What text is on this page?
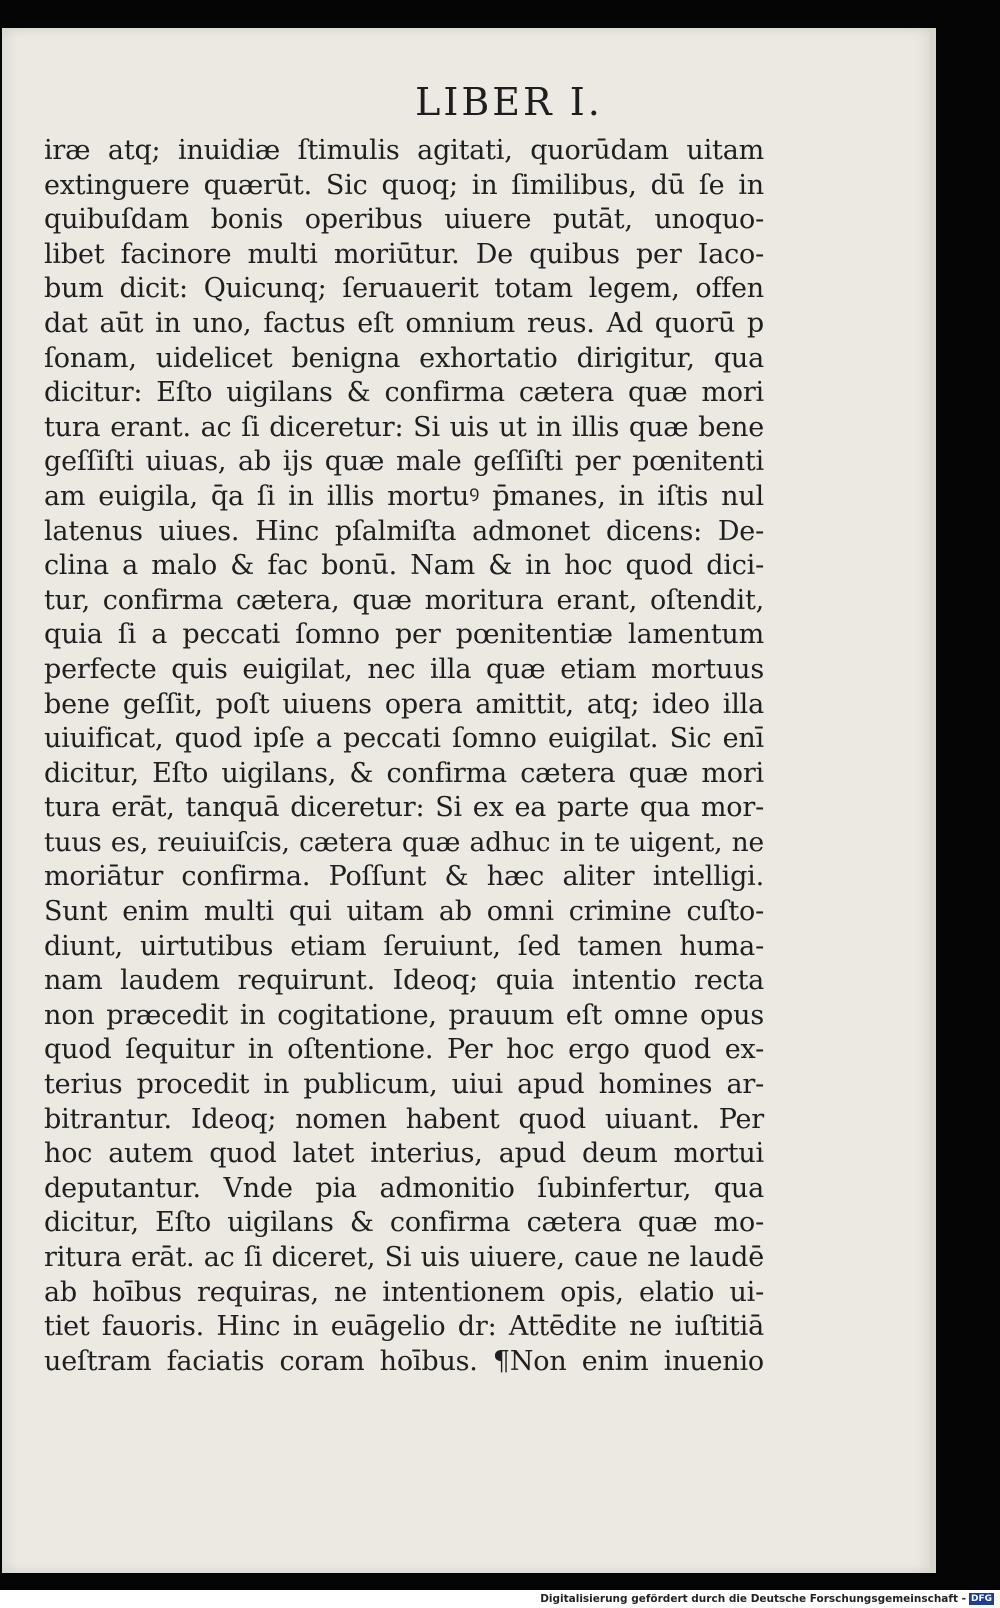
LIBER I.
iræ atq; inuidiæ ſtimulis agitati, quorūdam uitam
extinguere quærūt. Sic quoq; in ſimilibus, dū ſe in
quibuſdam bonis operibus uiuere putāt, unoquo-
libet facinore multi moriūtur. De quibus per Iaco-
bum dicit: Quicunq; ſeruauerit totam legem, offen
dat aūt in uno, factus eſt omnium reus. Ad quorū p
ſonam, uidelicet benigna exhortatio dirigitur, qua
dicitur: Eſto uigilans & confirma cætera quæ mori
tura erant. ac ſi diceretur: Si uis ut in illis quæ bene
geſſiſti uiuas, ab ijs quæ male geſſiſti per pœnitenti
am euigila, q̄a ſi in illis mortuꝰ p̄manes, in iſtis nul
latenus uiues. Hinc pſalmiſta admonet dicens: De-
clina a malo & fac bonū. Nam & in hoc quod dici-
tur, confirma cætera, quæ moritura erant, oſtendit,
quia ſi a peccati ſomno per pœnitentiæ lamentum
perfecte quis euigilat, nec illa quæ etiam mortuus
bene geſſit, poſt uiuens opera amittit, atq; ideo illa
uiuificat, quod ipſe a peccati ſomno euigilat. Sic enī
dicitur, Eſto uigilans, & confirma cætera quæ mori
tura erāt, tanquā diceretur: Si ex ea parte qua mor-
tuus es, reuiuiſcis, cætera quæ adhuc in te uigent, ne
moriātur confirma. Poſſunt & hæc aliter intelligi.
Sunt enim multi qui uitam ab omni crimine cuſto-
diunt, uirtutibus etiam ſeruiunt, ſed tamen huma-
nam laudem requirunt. Ideoq; quia intentio recta
non præcedit in cogitatione, prauum eſt omne opus
quod ſequitur in oſtentione. Per hoc ergo quod ex-
terius procedit in publicum, uiui apud homines ar-
bitrantur. Ideoq; nomen habent quod uiuant. Per
hoc autem quod latet interius, apud deum mortui
deputantur. Vnde pia admonitio ſubinfertur, qua
dicitur, Eſto uigilans & confirma cætera quæ mo-
ritura erāt. ac ſi diceret, Si uis uiuere, caue ne laudē
ab hoībus requiras, ne intentionem opis, elatio ui-
tiet fauoris. Hinc in euāgelio dr: Attēdite ne iuſtitiā
ueſtram faciatis coram hoībus. ¶Non enim inuenio
Digitalisierung gefördert durch die Deutsche Forschungsgemeinschaft - DFG
